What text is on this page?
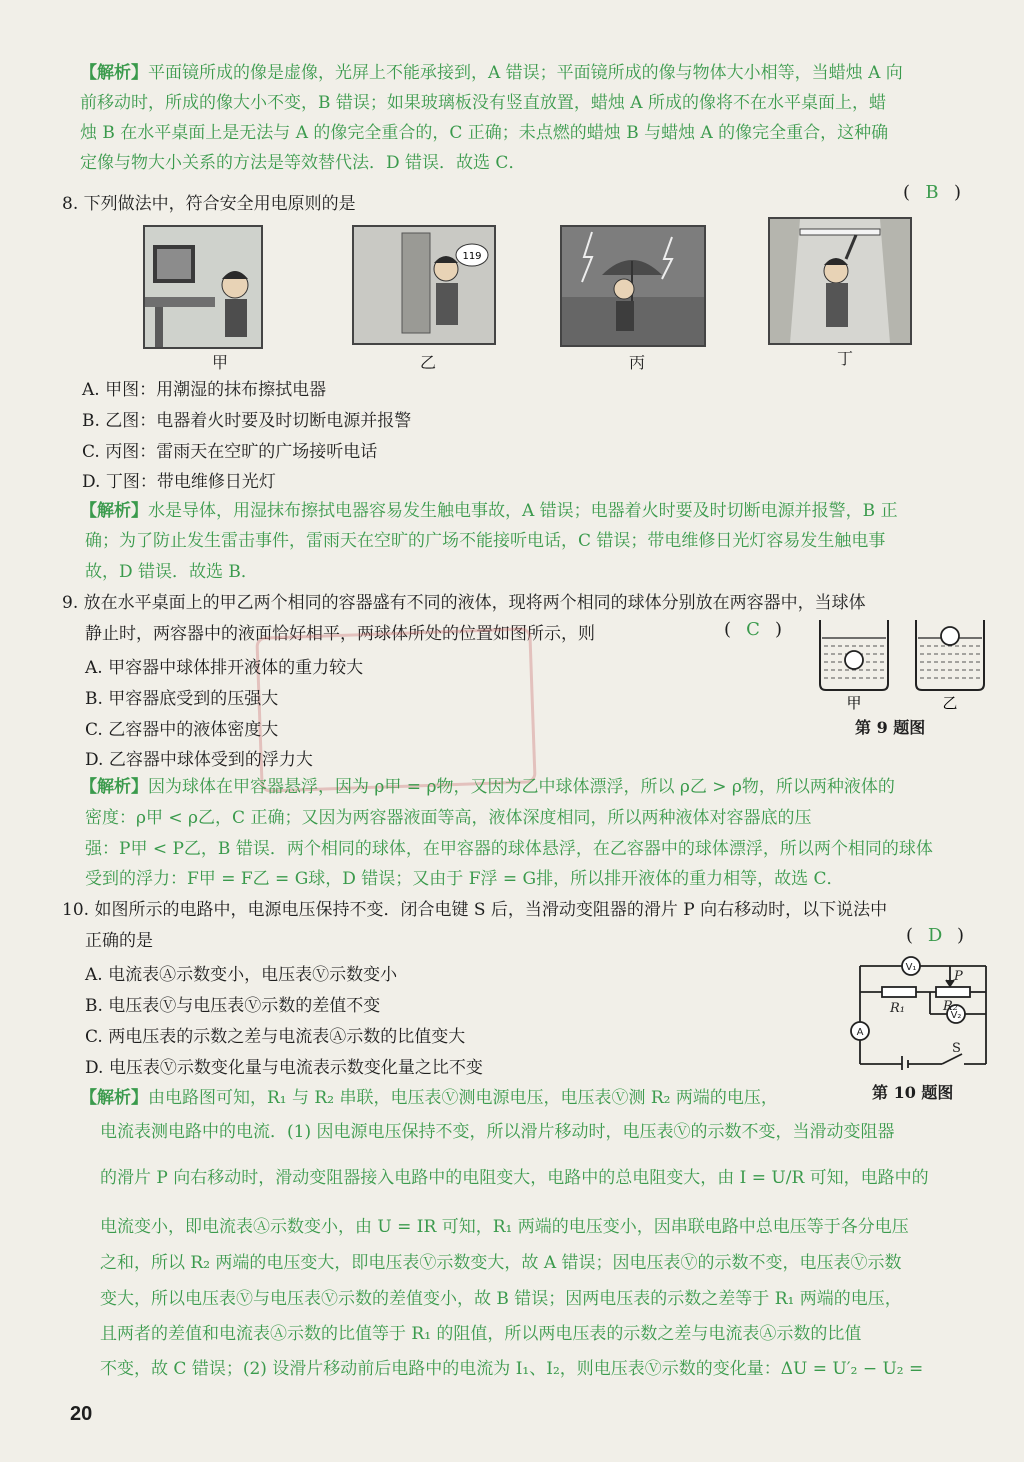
【解析】平面镜所成的像是虚像，光屏上不能承接到，A 错误；平面镜所成的像与物体大小相等，当蜡烛 A 向
前移动时，所成的像大小不变，B 错误；如果玻璃板没有竖直放置，蜡烛 A 所成的像将不在水平桌面上，蜡
烛 B 在水平桌面上是无法与 A 的像完全重合的，C 正确；未点燃的蜡烛 B 与蜡烛 A 的像完全重合，这种确
定像与物大小关系的方法是等效替代法．D 错误．故选 C．
8. 下列做法中，符合安全用电原则的是
( B )
甲
119
乙	丙	丁
A. 甲图：用潮湿的抹布擦拭电器
B. 乙图：电器着火时要及时切断电源并报警
C. 丙图：雷雨天在空旷的广场接听电话
D. 丁图：带电维修日光灯
【解析】水是导体，用湿抹布擦拭电器容易发生触电事故，A 错误；电器着火时要及时切断电源并报警，B 正
确；为了防止发生雷击事件，雷雨天在空旷的广场不能接听电话，C 错误；带电维修日光灯容易发生触电事
故，D 错误．故选 B．
9. 放在水平桌面上的甲乙两个相同的容器盛有不同的液体，现将两个相同的球体分别放在两容器中，当球体
静止时，两容器中的液面恰好相平，两球体所处的位置如图所示，则	( C )
A. 甲容器中球体排开液体的重力较大
B. 甲容器底受到的压强大
C. 乙容器中的液体密度大
D. 乙容器中球体受到的浮力大
甲	乙
第 9 题图
【解析】因为球体在甲容器悬浮，因为 ρ甲 = ρ物，又因为乙中球体漂浮，所以 ρ乙 > ρ物，所以两种液体的
密度：ρ甲 < ρ乙，C 正确；又因为两容器液面等高，液体深度相同，所以两种液体对容器底的压
强：P甲 < P乙，B 错误．两个相同的球体，在甲容器的球体悬浮，在乙容器中的球体漂浮，所以两个相同的球体
受到的浮力：F甲 = F乙 = G球，D 错误；又由于 F浮 = G排，所以排开液体的重力相等，故选 C．
10. 如图所示的电路中，电源电压保持不变．闭合电键 S 后，当滑动变阻器的滑片 P 向右移动时，以下说法中
正确的是	( D )
A. 电流表Ⓐ示数变小，电压表Ⓥ示数变小
B. 电压表Ⓥ与电压表Ⓥ示数的差值不变
C. 两电压表的示数之差与电流表Ⓐ示数的比值变大
D. 电压表Ⓥ示数变化量与电流表示数变化量之比不变
V₁
A
V₂
P
R₁	R₂
S
第 10 题图
【解析】由电路图可知，R₁ 与 R₂ 串联，电压表Ⓥ测电源电压，电压表Ⓥ测 R₂ 两端的电压，
电流表测电路中的电流．(1) 因电源电压保持不变，所以滑片移动时，电压表Ⓥ的示数不变，当滑动变阻器
的滑片 P 向右移动时，滑动变阻器接入电路中的电阻变大，电路中的总电阻变大，由 I = U/R 可知，电路中的
电流变小，即电流表Ⓐ示数变小，由 U = IR 可知，R₁ 两端的电压变小，因串联电路中总电压等于各分电压
之和，所以 R₂ 两端的电压变大，即电压表Ⓥ示数变大，故 A 错误；因电压表Ⓥ的示数不变，电压表Ⓥ示数
变大，所以电压表Ⓥ与电压表Ⓥ示数的差值变小，故 B 错误；因两电压表的示数之差等于 R₁ 两端的电压，
且两者的差值和电流表Ⓐ示数的比值等于 R₁ 的阻值，所以两电压表的示数之差与电流表Ⓐ示数的比值
不变，故 C 错误；(2) 设滑片移动前后电路中的电流为 I₁、I₂，则电压表Ⓥ示数的变化量：ΔU = U′₂ − U₂ =
20
